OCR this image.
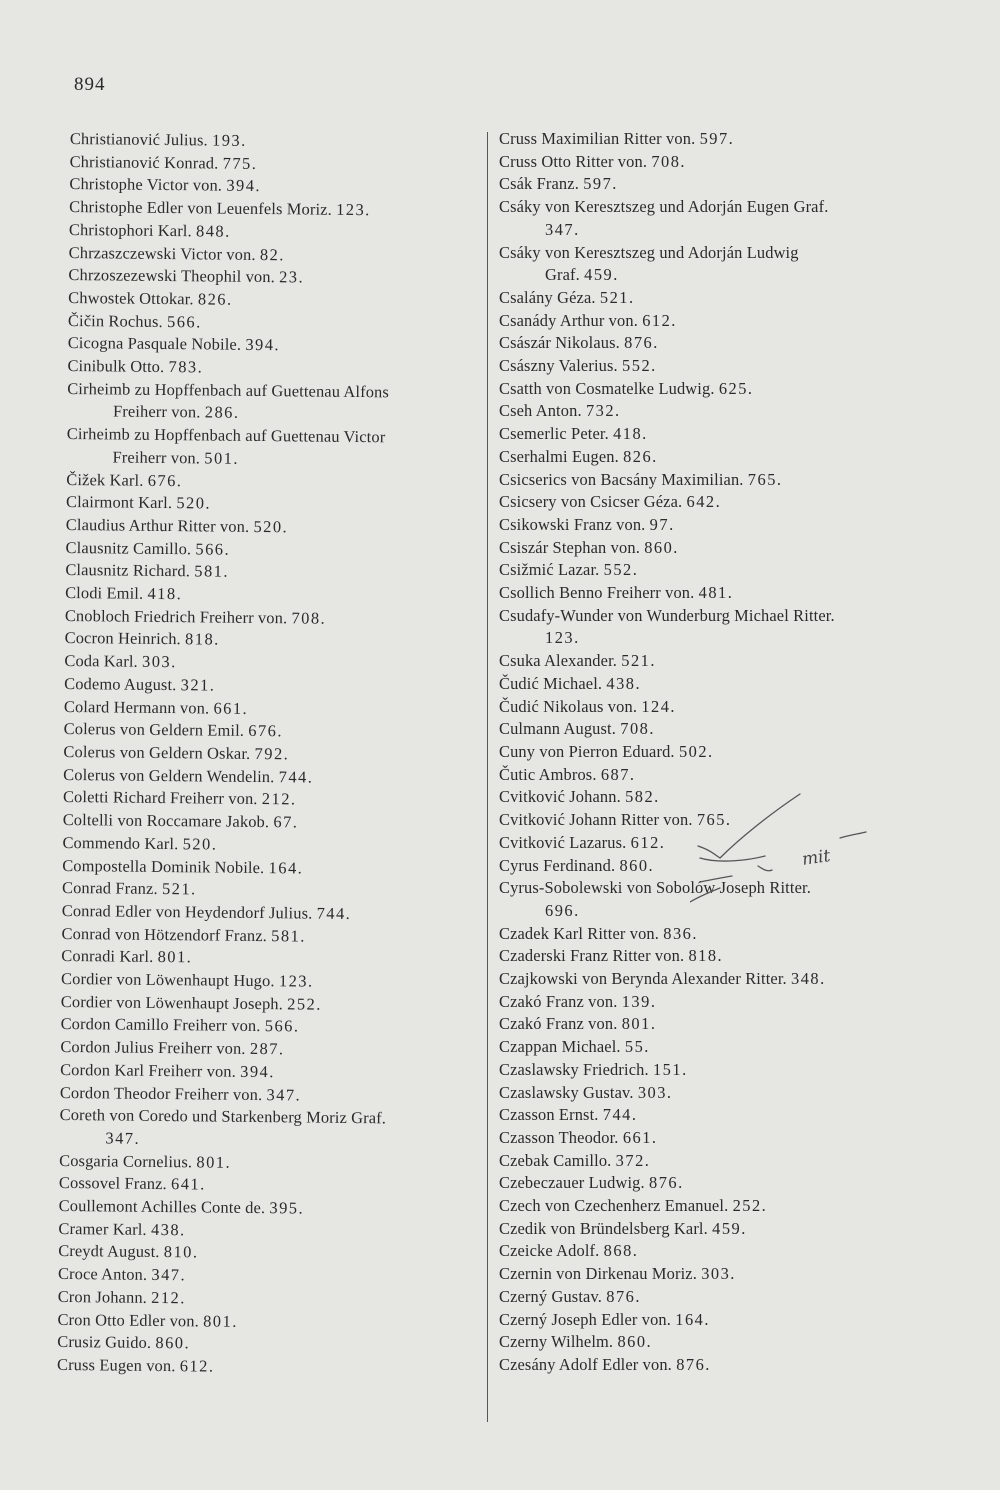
894
Christianović Julius. 193.
Christianović Konrad. 775.
Christophe Victor von. 394.
Christophe Edler von Leuenfels Moriz. 123.
Christophori Karl. 848.
Chrzaszczewski Victor von. 82.
Chrzoszezewski Theophil von. 23.
Chwostek Ottokar. 826.
Čičin Rochus. 566.
Cicogna Pasquale Nobile. 394.
Cinibulk Otto. 783.
Cirheimb zu Hopffenbach auf Guettenau Alfons
Freiherr von. 286.
Cirheimb zu Hopffenbach auf Guettenau Victor
Freiherr von. 501.
Čižek Karl. 676.
Clairmont Karl. 520.
Claudius Arthur Ritter von. 520.
Clausnitz Camillo. 566.
Clausnitz Richard. 581.
Clodi Emil. 418.
Cnobloch Friedrich Freiherr von. 708.
Cocron Heinrich. 818.
Coda Karl. 303.
Codemo August. 321.
Colard Hermann von. 661.
Colerus von Geldern Emil. 676.
Colerus von Geldern Oskar. 792.
Colerus von Geldern Wendelin. 744.
Coletti Richard Freiherr von. 212.
Coltelli von Roccamare Jakob. 67.
Commendo Karl. 520.
Compostella Dominik Nobile. 164.
Conrad Franz. 521.
Conrad Edler von Heydendorf Julius. 744.
Conrad von Hötzendorf Franz. 581.
Conradi Karl. 801.
Cordier von Löwenhaupt Hugo. 123.
Cordier von Löwenhaupt Joseph. 252.
Cordon Camillo Freiherr von. 566.
Cordon Julius Freiherr von. 287.
Cordon Karl Freiherr von. 394.
Cordon Theodor Freiherr von. 347.
Coreth von Coredo und Starkenberg Moriz Graf.
347.
Cosgaria Cornelius. 801.
Cossovel Franz. 641.
Coullemont Achilles Conte de. 395.
Cramer Karl. 438.
Creydt August. 810.
Croce Anton. 347.
Cron Johann. 212.
Cron Otto Edler von. 801.
Crusiz Guido. 860.
Cruss Eugen von. 612.
Cruss Maximilian Ritter von. 597.
Cruss Otto Ritter von. 708.
Csák Franz. 597.
Csáky von Keresztszeg und Adorján Eugen Graf.
347.
Csáky von Keresztszeg und Adorján Ludwig
Graf. 459.
Csalány Géza. 521.
Csanády Arthur von. 612.
Császár Nikolaus. 876.
Császny Valerius. 552.
Csatth von Cosmatelke Ludwig. 625.
Cseh Anton. 732.
Csemerlic Peter. 418.
Cserhalmi Eugen. 826.
Csicserics von Bacsány Maximilian. 765.
Csicsery von Csicser Géza. 642.
Csikowski Franz von. 97.
Csiszár Stephan von. 860.
Csižmić Lazar. 552.
Csollich Benno Freiherr von. 481.
Csudafy-Wunder von Wunderburg Michael Ritter.
123.
Csuka Alexander. 521.
Čudić Michael. 438.
Čudić Nikolaus von. 124.
Culmann August. 708.
Cuny von Pierron Eduard. 502.
Čutic Ambros. 687.
Cvitković Johann. 582.
Cvitković Johann Ritter von. 765.
Cvitković Lazarus. 612.
Cyrus Ferdinand. 860.
Cyrus-Sobolewski von Sobolów Joseph Ritter.
696.
Czadek Karl Ritter von. 836.
Czaderski Franz Ritter von. 818.
Czajkowski von Berynda Alexander Ritter. 348.
Czakó Franz von. 139.
Czakó Franz von. 801.
Czappan Michael. 55.
Czaslawsky Friedrich. 151.
Czaslawsky Gustav. 303.
Czasson Ernst. 744.
Czasson Theodor. 661.
Czebak Camillo. 372.
Czebeczauer Ludwig. 876.
Czech von Czechenherz Emanuel. 252.
Czedik von Bründelsberg Karl. 459.
Czeicke Adolf. 868.
Czernin von Dirkenau Moriz. 303.
Czerný Gustav. 876.
Czerný Joseph Edler von. 164.
Czerny Wilhelm. 860.
Czesány Adolf Edler von. 876.
mit
